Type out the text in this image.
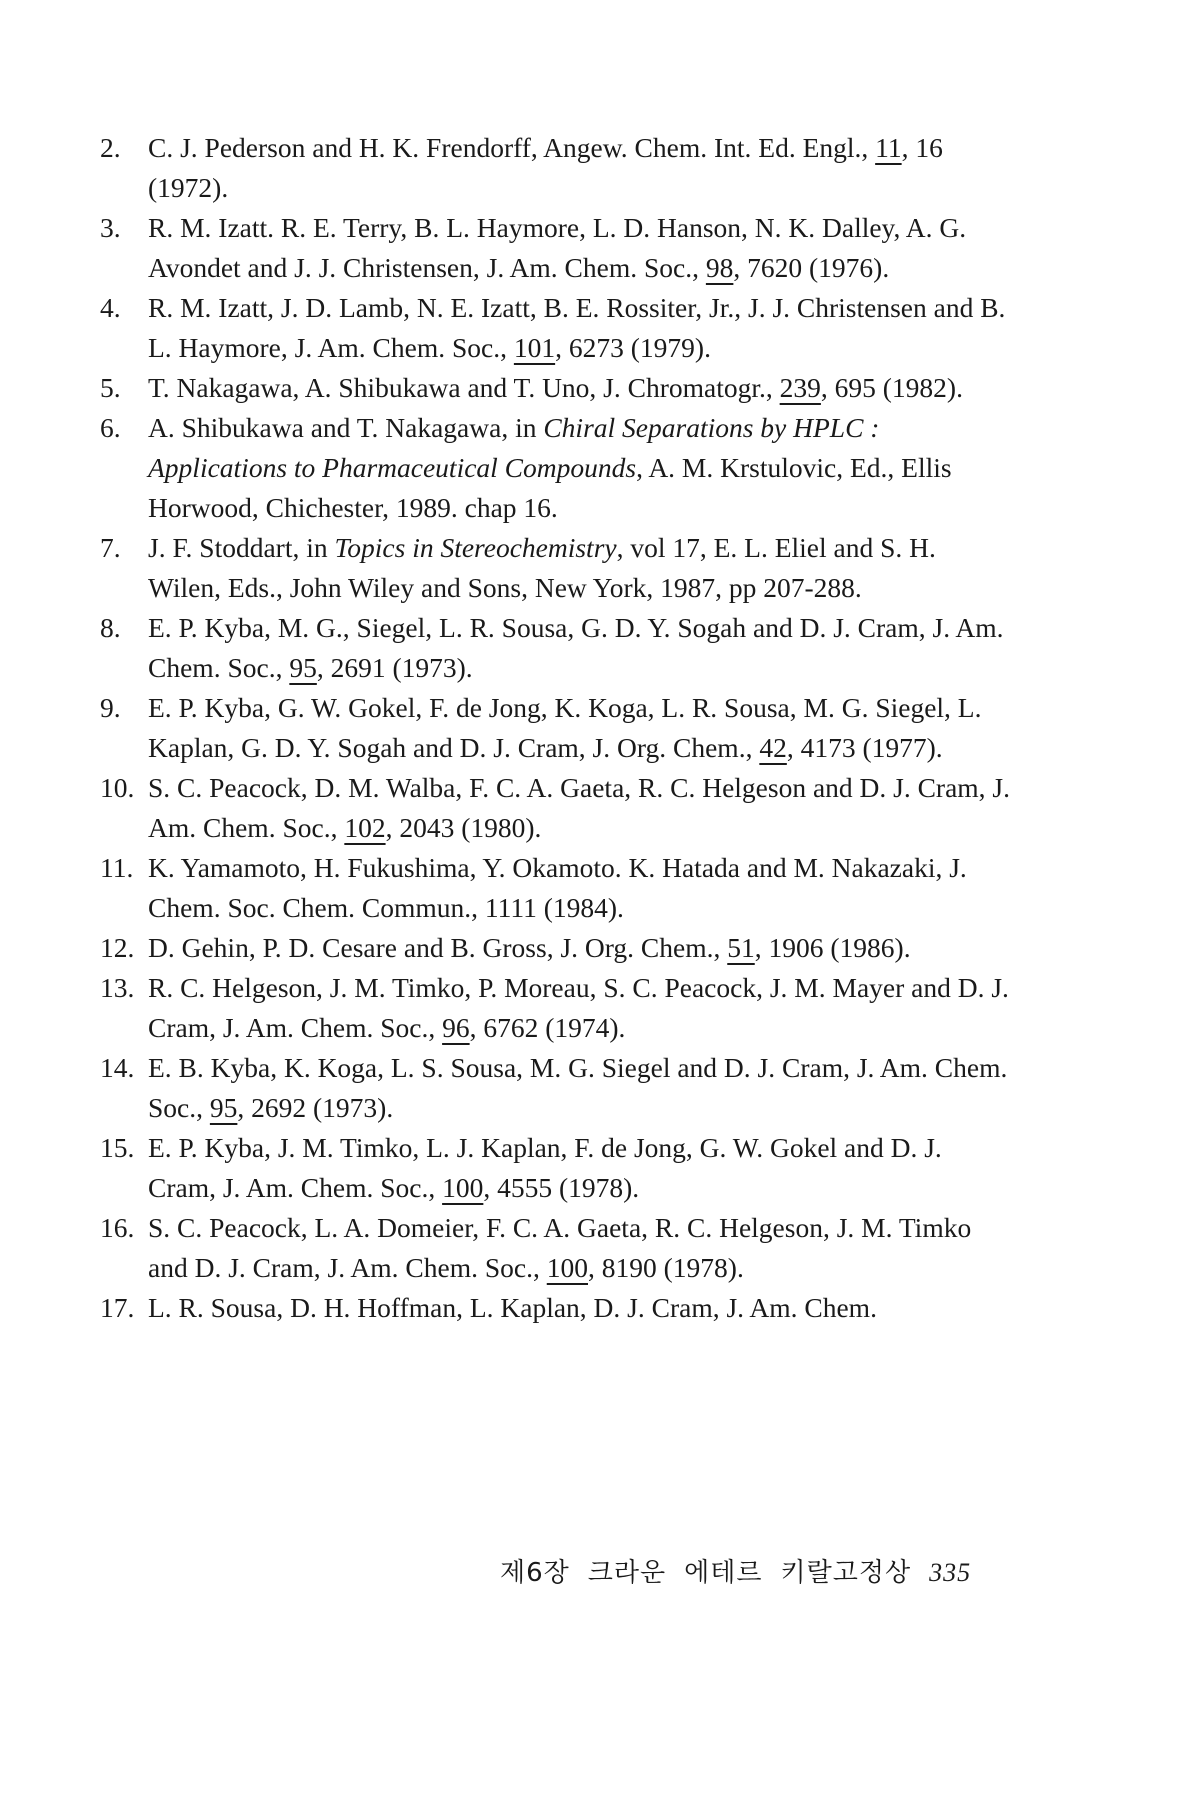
2. C. J. Pederson and H. K. Frendorff, Angew. Chem. Int. Ed. Engl., 11, 16 (1972).
3. R. M. Izatt. R. E. Terry, B. L. Haymore, L. D. Hanson, N. K. Dalley, A. G. Avondet and J. J. Christensen, J. Am. Chem. Soc., 98, 7620 (1976).
4. R. M. Izatt, J. D. Lamb, N. E. Izatt, B. E. Rossiter, Jr., J. J. Christensen and B. L. Haymore, J. Am. Chem. Soc., 101, 6273 (1979).
5. T. Nakagawa, A. Shibukawa and T. Uno, J. Chromatogr., 239, 695 (1982).
6. A. Shibukawa and T. Nakagawa, in Chiral Separations by HPLC : Applications to Pharmaceutical Compounds, A. M. Krstulovic, Ed., Ellis Horwood, Chichester, 1989. chap 16.
7. J. F. Stoddart, in Topics in Stereochemistry, vol 17, E. L. Eliel and S. H. Wilen, Eds., John Wiley and Sons, New York, 1987, pp 207-288.
8. E. P. Kyba, M. G., Siegel, L. R. Sousa, G. D. Y. Sogah and D. J. Cram, J. Am. Chem. Soc., 95, 2691 (1973).
9. E. P. Kyba, G. W. Gokel, F. de Jong, K. Koga, L. R. Sousa, M. G. Siegel, L. Kaplan, G. D. Y. Sogah and D. J. Cram, J. Org. Chem., 42, 4173 (1977).
10. S. C. Peacock, D. M. Walba, F. C. A. Gaeta, R. C. Helgeson and D. J. Cram, J. Am. Chem. Soc., 102, 2043 (1980).
11. K. Yamamoto, H. Fukushima, Y. Okamoto. K. Hatada and M. Nakazaki, J. Chem. Soc. Chem. Commun., 1111 (1984).
12. D. Gehin, P. D. Cesare and B. Gross, J. Org. Chem., 51, 1906 (1986).
13. R. C. Helgeson, J. M. Timko, P. Moreau, S. C. Peacock, J. M. Mayer and D. J. Cram, J. Am. Chem. Soc., 96, 6762 (1974).
14. E. B. Kyba, K. Koga, L. S. Sousa, M. G. Siegel and D. J. Cram, J. Am. Chem. Soc., 95, 2692 (1973).
15. E. P. Kyba, J. M. Timko, L. J. Kaplan, F. de Jong, G. W. Gokel and D. J. Cram, J. Am. Chem. Soc., 100, 4555 (1978).
16. S. C. Peacock, L. A. Domeier, F. C. A. Gaeta, R. C. Helgeson, J. M. Timko and D. J. Cram, J. Am. Chem. Soc., 100, 8190 (1978).
17. L. R. Sousa, D. H. Hoffman, L. Kaplan, D. J. Cram, J. Am. Chem.
제6장 크라운 에테르 키랄고정상 335
